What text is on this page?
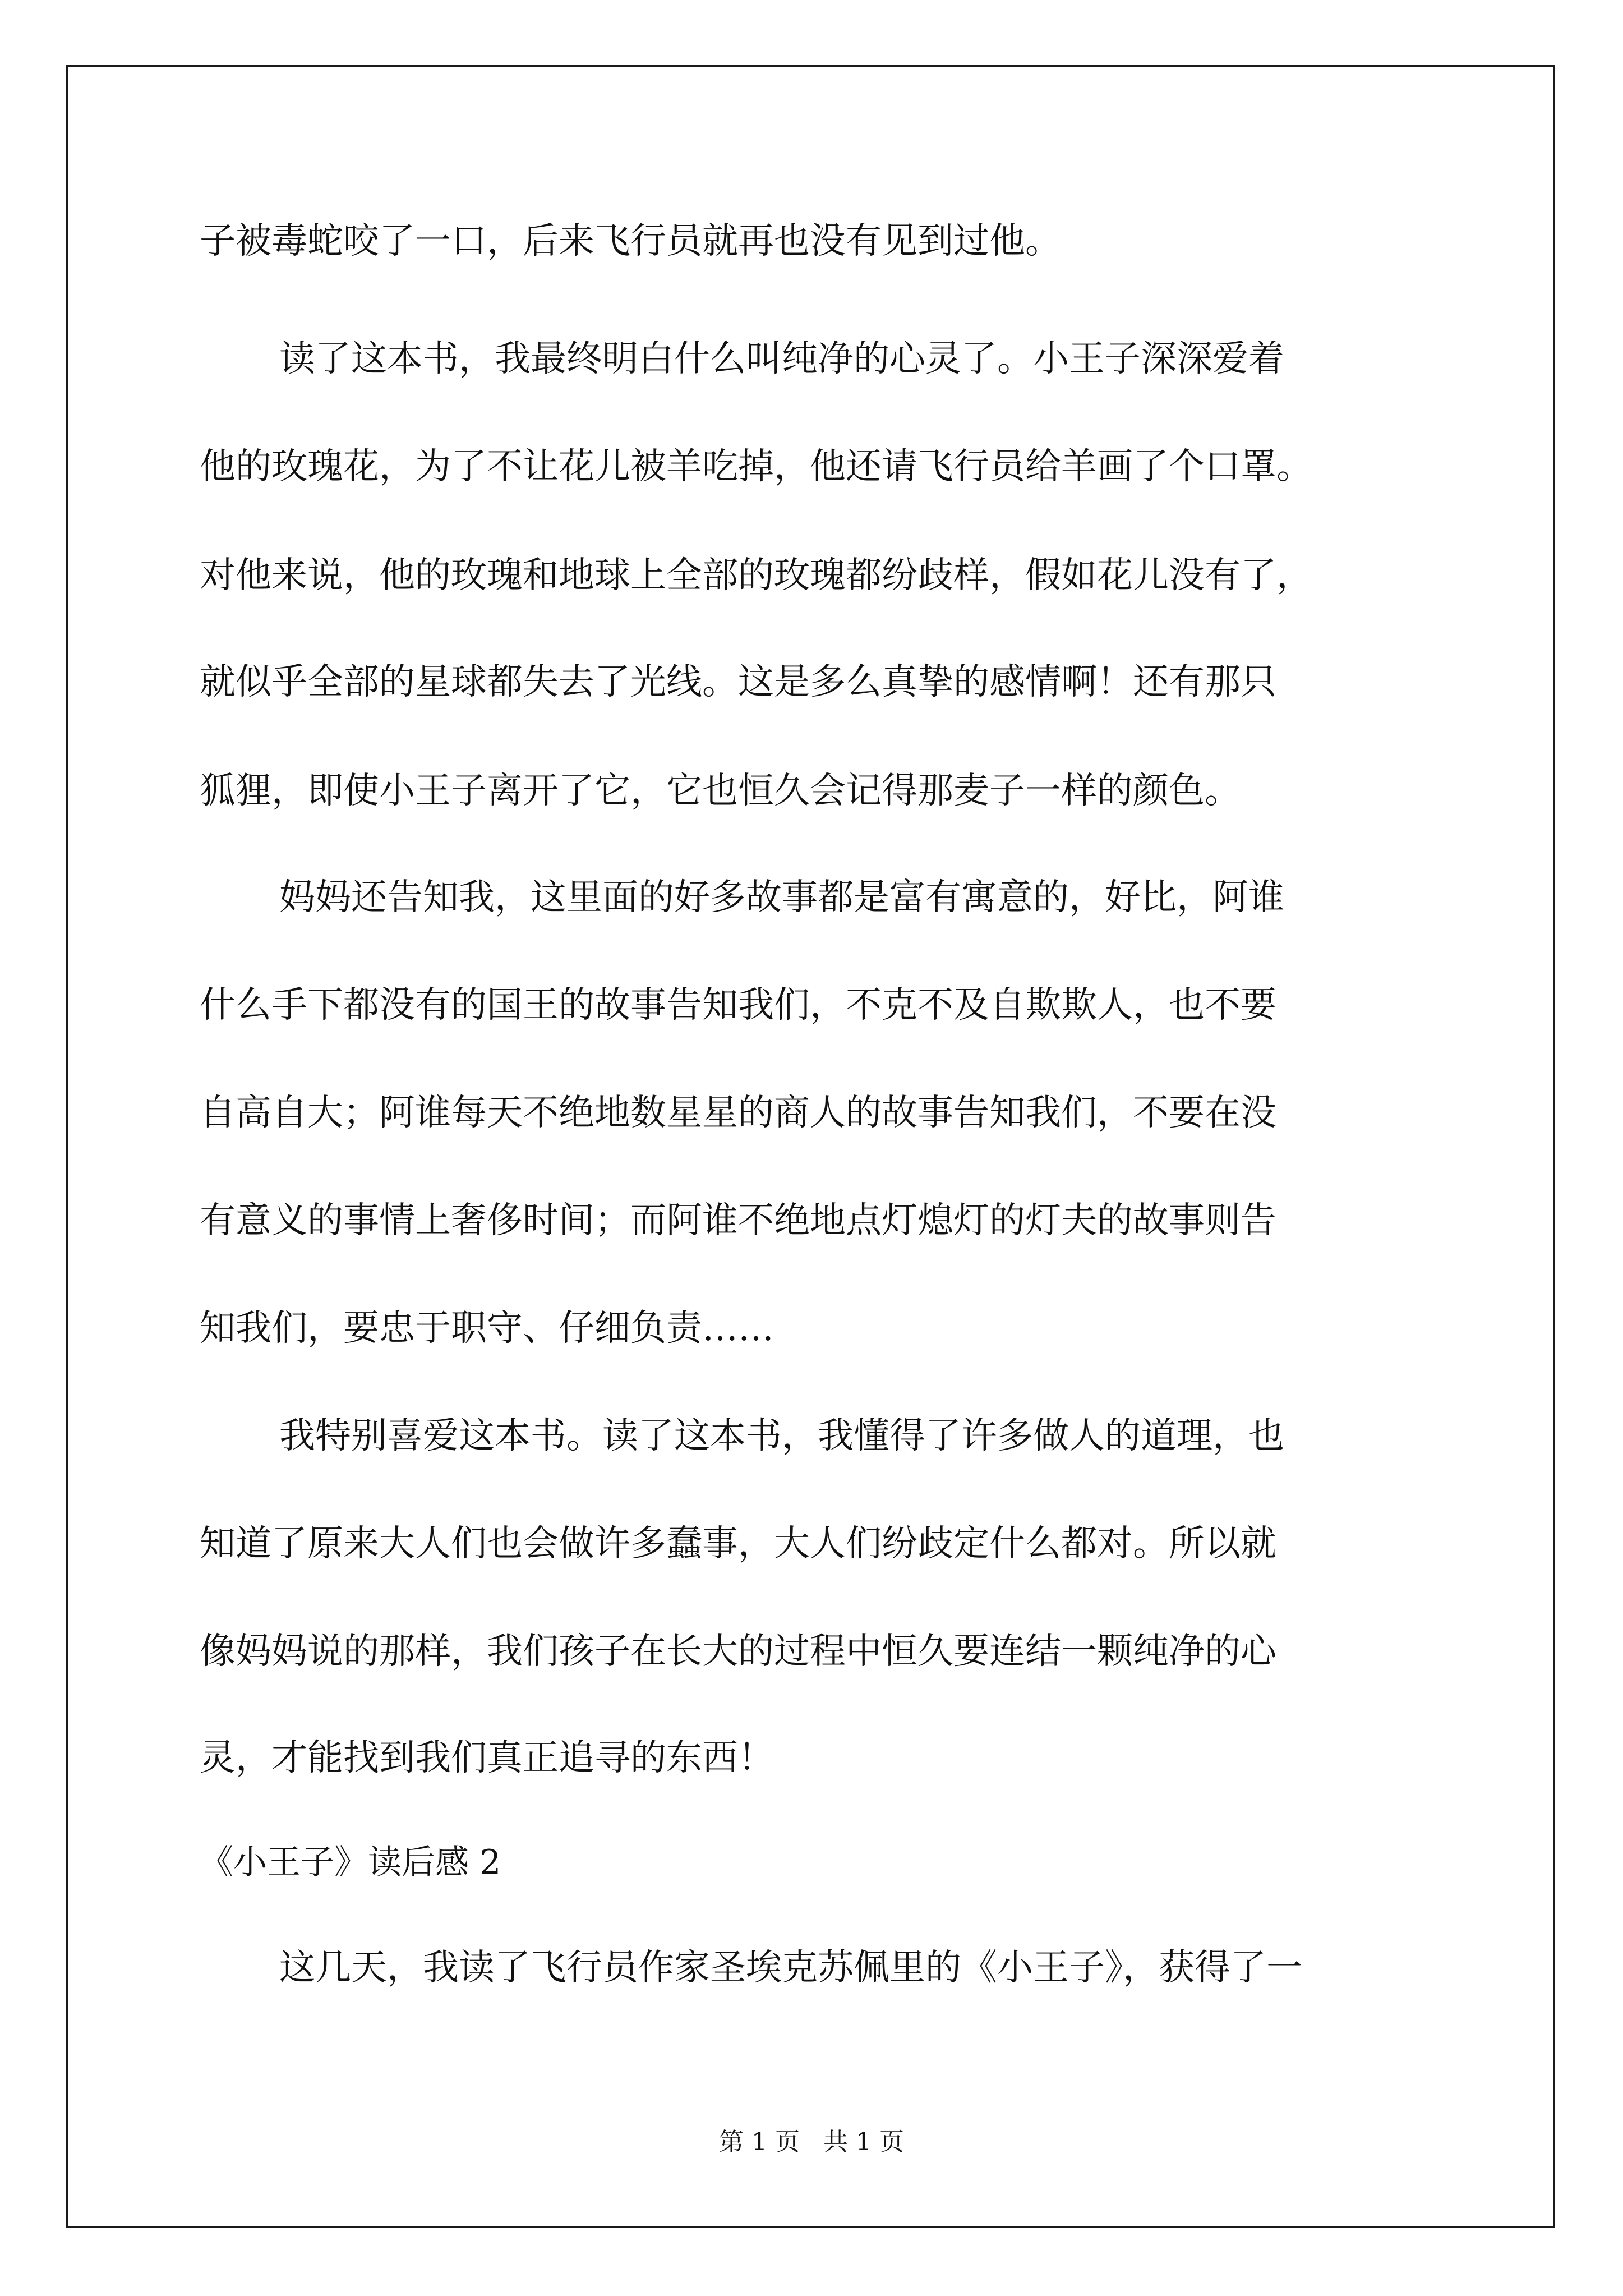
子被毒蛇咬了一口，后来飞行员就再也没有见到过他。
读了这本书，我最终明白什么叫纯净的心灵了。小王子深深爱着
他的玫瑰花，为了不让花儿被羊吃掉，他还请飞行员给羊画了个口罩。
对他来说，他的玫瑰和地球上全部的玫瑰都纷歧样，假如花儿没有了，
就似乎全部的星球都失去了光线。这是多么真挚的感情啊！还有那只
狐狸，即使小王子离开了它，它也恒久会记得那麦子一样的颜色。
妈妈还告知我，这里面的好多故事都是富有寓意的，好比，阿谁
什么手下都没有的国王的故事告知我们，不克不及自欺欺人，也不要
自高自大；阿谁每天不绝地数星星的商人的故事告知我们，不要在没
有意义的事情上奢侈时间；而阿谁不绝地点灯熄灯的灯夫的故事则告
知我们，要忠于职守、仔细负责……
我特别喜爱这本书。读了这本书，我懂得了许多做人的道理，也
知道了原来大人们也会做许多蠢事，大人们纷歧定什么都对。所以就
像妈妈说的那样，我们孩子在长大的过程中恒久要连结一颗纯净的心
灵，才能找到我们真正追寻的东西！
《小王子》读后感 2
这几天，我读了飞行员作家圣埃克苏佩里的《小王子》，获得了一
第 1 页   共 1 页
